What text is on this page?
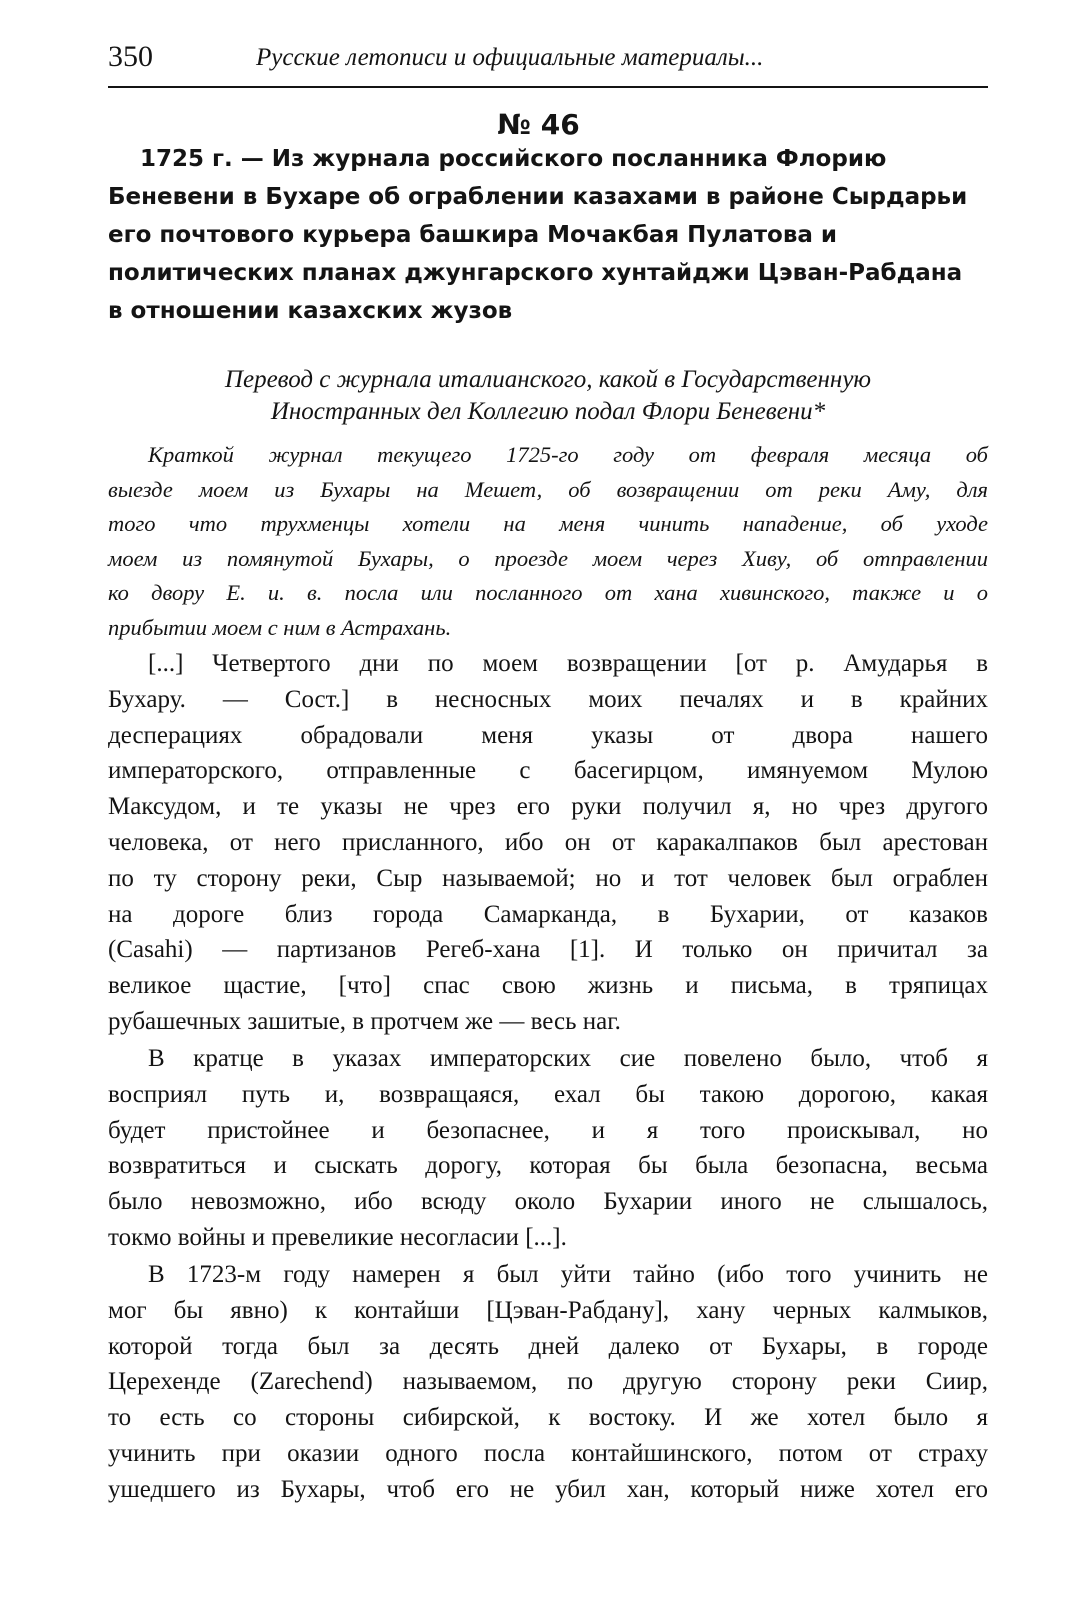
350	Русские летописи и официальные материалы...
№ 46
1725 г. — Из журнала российского посланника Флорию
Беневени в Бухаре об ограблении казахами в районе Сырдарьи
его почтового курьера башкира Мочакбая Пулатова и
политических планах джунгарского хунтайджи Цэван-Рабдана
в отношении казахских жузов
Перевод с журнала италианского, какой в Государственную
Иностранных дел Коллегию подал Флори Беневени*
Краткой журнал текущего 1725-го году от февраля месяца об
выезде моем из Бухары на Мешет, об возвращении от реки Аму, для
того что трухменцы хотели на меня чинить нападение, об уходе
моем из помянутой Бухары, о проезде моем через Хиву, об отправлении
ко двору Е. и. в. посла или посланного от хана хивинского, также и о
прибытии моем с ним в Астрахань.
[...] Четвертого дни по моем возвращении [от р. Амударья в
Бухару. — Сост.] в несносных моих печалях и в крайних
десперациях обрадовали меня указы от двора нашего
императорского, отправленные с басегирцом, имянуемом Мулою
Максудом, и те указы не чрез его руки получил я, но чрез другого
человека, от него присланного, ибо он от каракалпаков был арестован
по ту сторону реки, Сыр называемой; но и тот человек был ограблен
на дороге близ города Самарканда, в Бухарии, от казаков
(Casahi) — партизанов Регеб-хана [1]. И только он причитал за
великое щастие, [что] спас свою жизнь и письма, в тряпицах
рубашечных зашитые, в протчем же — весь наг.
В кратце в указах императорских сие повелено было, чтоб я
восприял путь и, возвращаяся, ехал бы такою дорогою, какая
будет пристойнее и безопаснее, и я того проискывал, но
возвратиться и сыскать дорогу, которая бы была безопасна, весьма
было невозможно, ибо всюду около Бухарии иного не слышалось,
токмо войны и превеликие несогласии [...].
В 1723-м году намерен я был уйти тайно (ибо того учинить не
мог бы явно) к контайши [Цэван-Рабдану], хану черных калмыков,
которой тогда был за десять дней далеко от Бухары, в городе
Церехенде (Zarechend) называемом, по другую сторону реки Сиир,
то есть со стороны сибирской, к востоку. И же хотел было я
учинить при оказии одного посла контайшинского, потом от страху
ушедшего из Бухары, чтоб его не убил хан, который ниже хотел его
